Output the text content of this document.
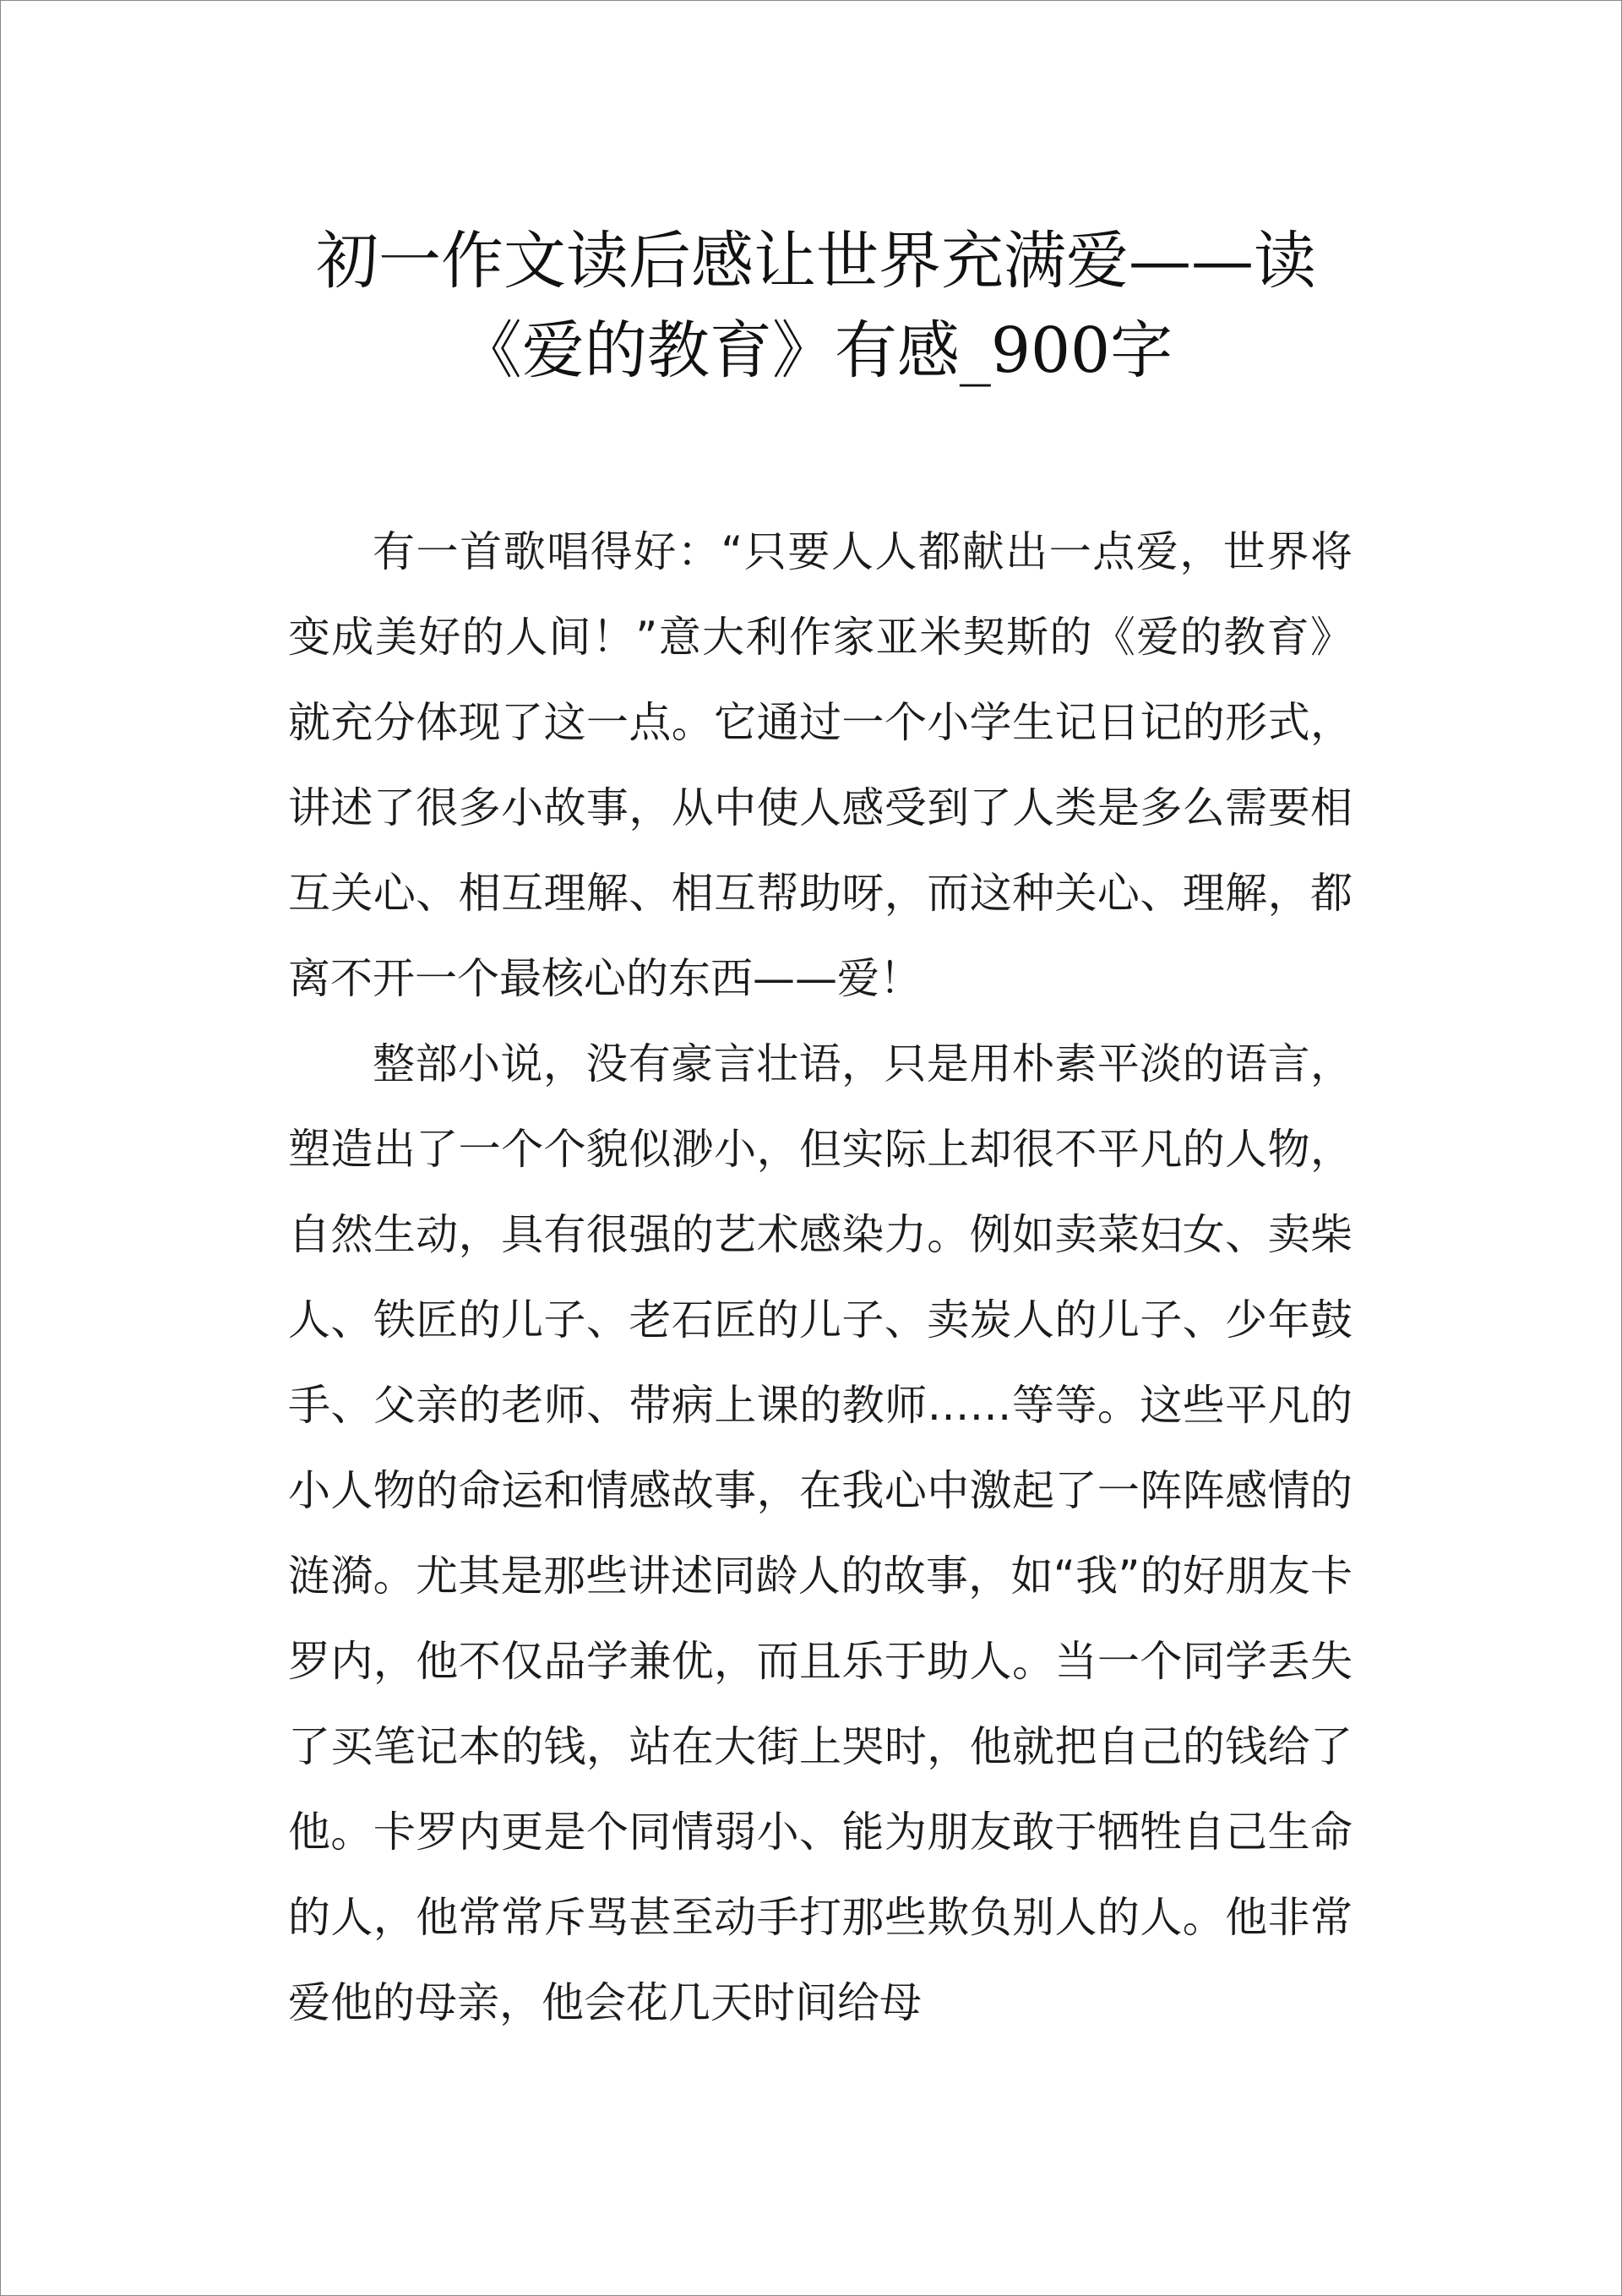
初一作文读后感让世界充满爱——读《爱的教育》有感_900字

有一首歌唱得好：“只要人人都献出一点爱，世界将变成美好的人间！”意大利作家亚米契斯的《爱的教育》就充分体现了这一点。它通过一个小学生记日记的形式，讲述了很多小故事，从中使人感受到了人类是多么需要相互关心、相互理解、相互帮助呀，而这种关心、理解，都离不开一个最核心的东西——爱！

整部小说，没有豪言壮语，只是用朴素平淡的语言，塑造出了一个个貌似渺小，但实际上却很不平凡的人物，自然生动，具有很强的艺术感染力。例如卖菜妇女、卖柴人、铁匠的儿子、老石匠的儿子、卖炭人的儿子、少年鼓手、父亲的老师、带病上课的教师……等等。这些平凡的小人物的命运和情感故事，在我心中激起了一阵阵感情的涟漪。尤其是那些讲述同龄人的故事，如“我”的好朋友卡罗内，他不仅品学兼优，而且乐于助人。当一个同学丢失了买笔记本的钱，站在大街上哭时，他就把自己的钱给了他。卡罗内更是个同情弱小、能为朋友敢于牺牲自己生命的人，他常常斥骂甚至动手打那些欺负别人的人。他非常爱他的母亲，他会花几天时间给母
